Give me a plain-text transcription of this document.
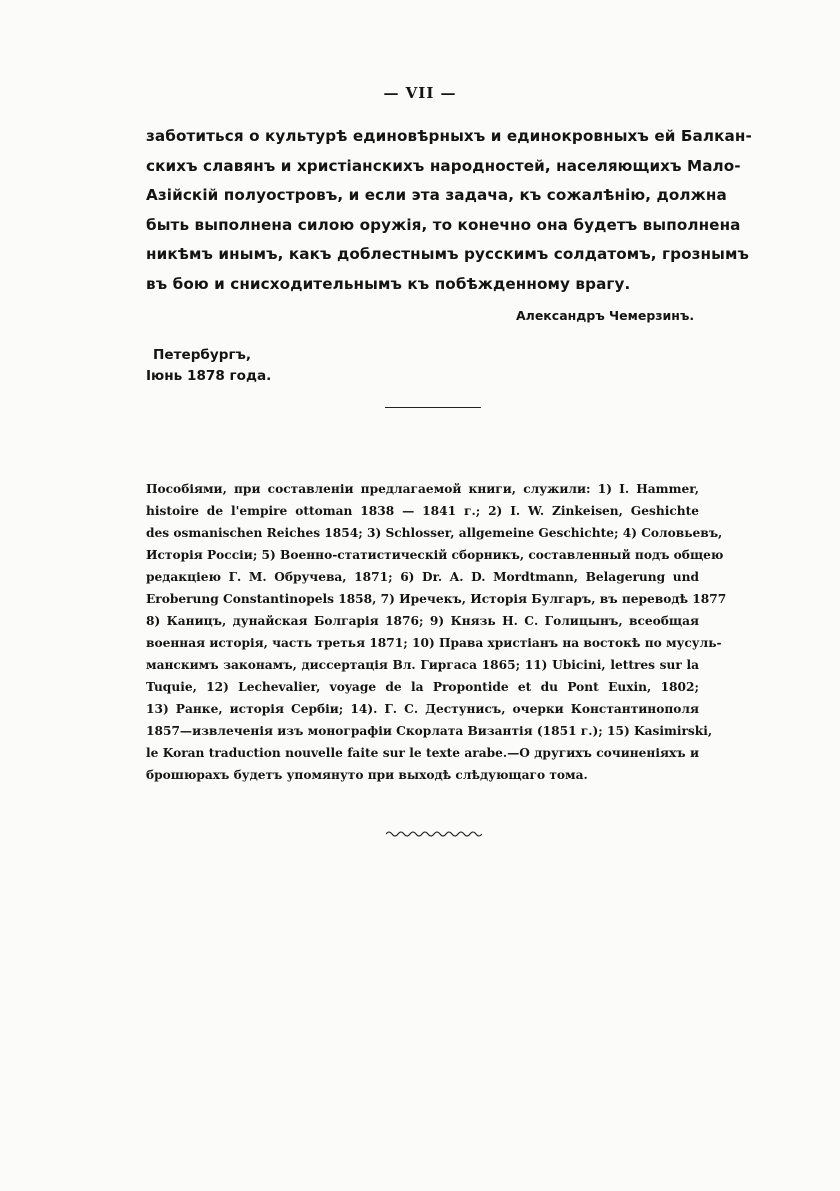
— VII —
заботиться о культурѣ единовѣрныхъ и единокровныхъ ей Балкан-
скихъ славянъ и христіанскихъ народностей, населяющихъ Мало-
Азійскій полуостровъ, и если эта задача, къ сожалѣнію, должна
быть выполнена силою оружія, то конечно она будетъ выполнена
никѣмъ инымъ, какъ доблестнымъ русскимъ солдатомъ, грознымъ
въ бою и снисходительнымъ къ побѣжденному врагу.
Александръ Чемерзинъ.
Петербургъ,
Іюнь 1878 года.
Пособіями, при составленіи предлагаемой книги, служили: 1) I. Hammer,
histoire de l'empire ottoman 1838 — 1841 г.; 2) I. W. Zinkeisen, Geshichte
des osmanischen Reiches 1854; 3) Schlosser, allgemeine Geschichte; 4) Соловьевъ,
Исторія Россіи; 5) Военно-статистическій сборникъ, составленный подъ общею
редакціею Г. М. Обручева, 1871; 6) Dr. A. D. Mordtmann, Belagerung und
Eroberung Constantinopels 1858, 7) Иречекъ, Исторія Булгаръ, въ переводѣ 1877
8) Каницъ, дунайская Болгарія 1876; 9) Князь Н. С. Голицынъ, всеобщая
военная исторія, часть третья 1871; 10) Права христіанъ на востокѣ по мусуль-
манскимъ законамъ, диссертація Вл. Гиргаса 1865; 11) Ubicini, lettres sur la
Tuquie, 12) Lechevalier, voyage de la Propontide et du Pont Euxin, 1802;
13) Ранке, исторія Сербіи; 14). Г. С. Дестунисъ, очерки Константинополя
1857—извлеченія изъ монографіи Скорлата Византія (1851 г.); 15) Kasimirski,
le Koran traduction nouvelle faite sur le texte arabe.—О другихъ сочиненіяхъ и
брошюрахъ будетъ упомянуто при выходѣ слѣдующаго тома.
